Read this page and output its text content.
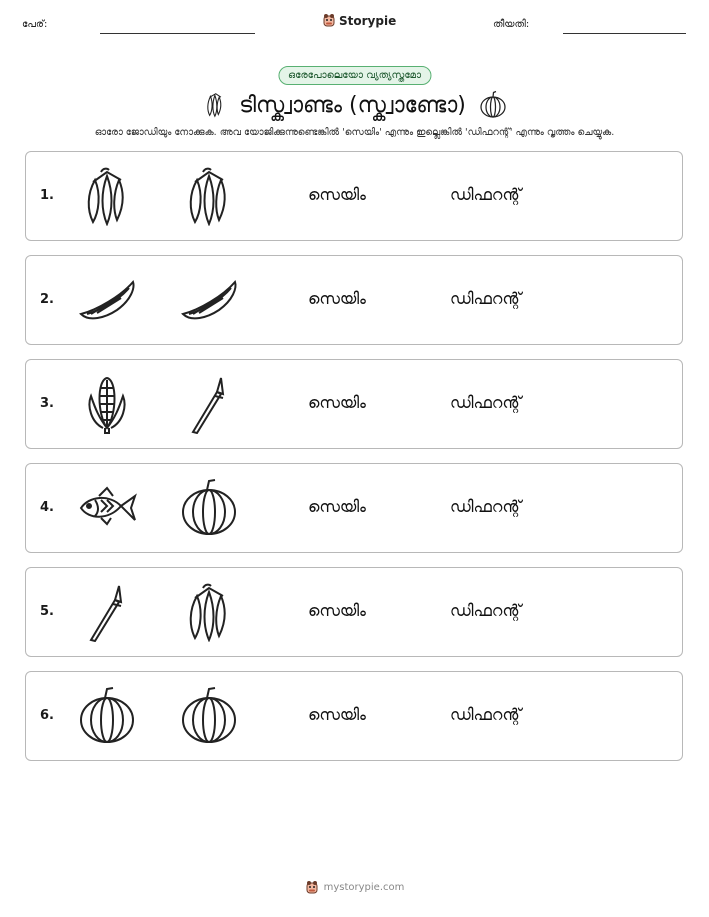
പേര്:	Storypie	തീയതി:
ഒരേപോലെയോ വ്യത്യസ്തമോ
ടിസ്ക്വാണ്ടം (സ്ക്വാണ്ടോ)
ഓരോ ജോഡിയും നോക്കുക. അവ യോജിക്കുന്നുണ്ടെങ്കിൽ 'സെയിം' എന്നും ഇല്ലെങ്കിൽ 'ഡിഫറന്റ്' എന്നും വൃത്തം ചെയ്യുക.
1.	സെയിം	ഡിഫറന്റ്
2.	സെയിം	ഡിഫറന്റ്
3.	സെയിം	ഡിഫറന്റ്
4.	സെയിം	ഡിഫറന്റ്
5.	സെയിം	ഡിഫറന്റ്
6.	സെയിം	ഡിഫറന്റ്
mystorypie.com
